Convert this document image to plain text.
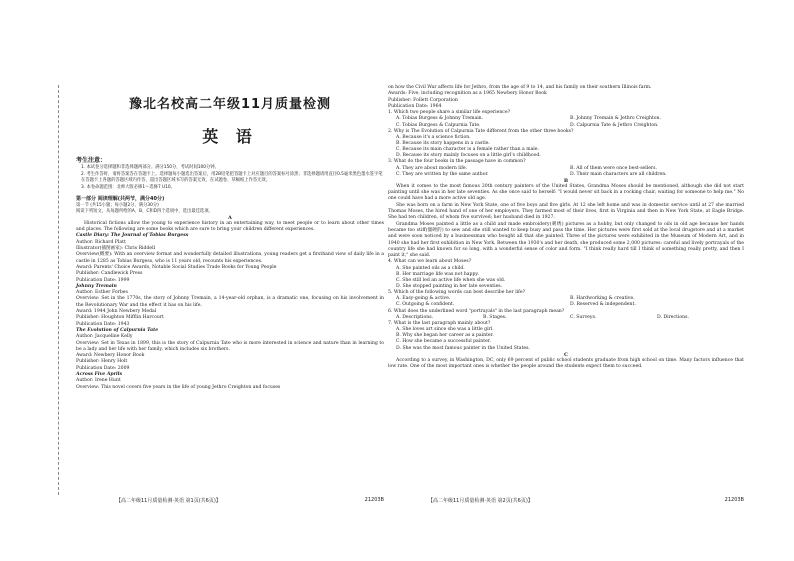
豫北名校高二年级11月质量检测
英 语
考生注意：
1. 本试卷分选择题和非选择题两部分。满分150分，考试时间100分钟。
2. 考生作答时，请将答案答在答题卡上。选择题每小题选出答案后，用2B铅笔把答题卡上对应题目的答案标号涂黑；非选择题请用直径0.5毫米黑色墨水签字笔在答题卡上各题的答题区域内作答，超出答题区域书写的答案无效，在试题卷、草稿纸上作答无效。
3. 本卷命题范围：北师大版必修1～选修7 U10。
第一部分 阅读理解(共两节，满分40分)
第一节 (共15小题；每小题2分，满分30分)
阅读下列短文，从每题所给的A、B、C和D四个选项中，选出最佳选项。
A

Historical fictions allow the young to experience history in an entertaining way, to meet people or to learn about other times and places. The following are some books which are sure to bring your children different experiences.

Castle Diary: The Journal of Tobias Burgess

Author: Richard Platt

Illustrator(插图画家): Chris Riddell

Overview(概要): With an overview format and wonderfully detailed illustrations, young readers get a firsthand view of daily life in a castle in 1285 as Tobias Burgess, who is 11 years old, recounts his experiences.

Award: Parents' Choice Awards, Notable Social Studies Trade Books for Young People

Publisher: Candlewick Press

Publication Date: 1999

Johnny Tremain

Author: Esther Forbes

Overview: Set in the 1770s, the story of Johnny Tremain, a 14-year-old orphan, is a dramatic one, focusing on his involvement in the Revolutionary War and the effect it has on his life.

Award: 1944 John Newbery Medal

Publisher: Houghton Mifflin Harcourt

Publication Date: 1943

The Evolution of Calpurnia Tate

Author: Jacqueline Kelly

Overview: Set in Texas in 1899, this is the story of Calpurnia Tate who is more interested in science and nature than in learning to be a lady and her life with her family, which includes six brothers.

Award: Newbery Honor Book

Publisher: Henry Holt

Publication Date: 2009

Across Five Aprils

Author: Irene Hunt

Overview: This novel covers five years in the life of young Jethro Creighton and focuses

on how the Civil War affects life for Jethro, from the age of 9 to 14, and his family on their southern Illinois farm.

Awards: Five, including recognition as a 1965 Newbery Honor Book

Publisher: Follett Corporation

Publication Date: 1964

1. Which two people share a similar life experience?

A. Tobias Burgess & Johnny Tremain.	B. Johnny Tremain & Jethro Creighton.
C. Tobias Burgess & Calpurnia Tate.	D. Calpurnia Tate & Jethro Creighton.

2. Why is The Evolution of Calpurnia Tate different from the other three books?

A. Because it's a science fiction.

B. Because its story happens in a castle.

C. Because its main character is a female rather than a male.

D. Because its story mainly focuses on a little girl's childhood.

3. What do the four books in the passage have in common?

A. They are about modern life.	B. All of them were once best-sellers.
C. They are written by the same author.	D. Their main characters are all children.
B

When it comes to the most famous 20th century painters of the United States, Grandma Moses should be mentioned, although she did not start painting until she was in her late seventies. As she once said to herself: "I would never sit back in a rocking chair, waiting for someone to help me." No one could have had a more active old age.

She was born on a farm in New York State, one of five boys and five girls. At 12 she left home and was in domestic service until at 27 she married Thomas Moses, the hired hand of one of her employers. They farmed most of their lives, first in Virginia and then in New York State, at Eagle Bridge. She had ten children, of whom five survived; her husband died in 1927.

Grandma Moses painted a little as a child and made embroidery(刺绣) pictures as a hobby, but only changed to oils in old age because her hands became too stiff(僵硬的) to sew and she still wanted to keep busy and pass the time. Her pictures were first sold at the local drugstore and at a market and were soon noticed by a businessman who bought all that she painted. Three of the pictures were exhibited in the Museum of Modern Art, and in 1940 she had her first exhibition in New York. Between the 1930's and her death, she produced some 2,000 pictures: careful and lively portrayals of the country life she had known for so long, with a wonderful sense of color and form. "I think really hard till I think of something really pretty, and then I paint it," she said.

4. What can we learn about Moses?

A. She painted oils as a child.

B. Her marriage life was not happy.

C. She still led an active life when she was old.

D. She stopped painting in her late seventies.

5. Which of the following words can best describe her life?

A. Easy-going & active.	B. Hardworking & creative.
C. Outgoing & confident.	D. Reserved & independent.

6. What does the underlined word "portrayals" in the last paragraph mean?

A. Descriptions.	B. Stages.	C. Surveys.	D. Directions.

7. What is the last paragraph mainly about?

A. She loves art since she was a little girl.

B. Why she began her career as a painter.

C. How she became a successful painter.

D. She was the most famous painter in the United States.

C

According to a survey, in Washington, DC, only 69 percent of public school students graduate from high school on time. Many factors influence that low rate. One of the most important ones is whether the people around the students expect them to succeed.

【高二年级11月质量检测·英语 第1页(共6页)】	21203B	【高二年级11月质量检测·英语 第2页(共6页)】	21203B
